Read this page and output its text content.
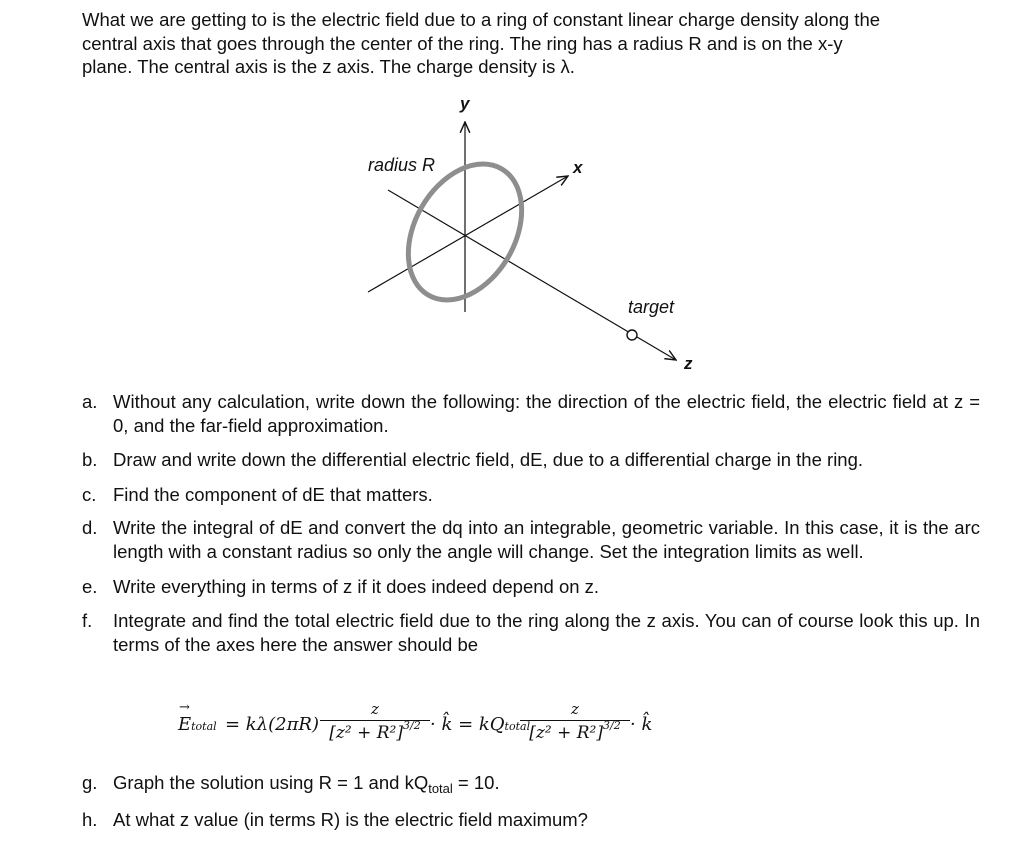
What we are getting to is the electric field due to a ring of constant linear charge density along the
central axis that goes through the center of the ring. The ring has a radius R and is on the x-y
plane. The central axis is the z axis. The charge density is λ.
y
x
z
radius R
target
a. Without any calculation, write down the following: the direction of the electric field, the electric field at z = 0, and the far-field approximation.
b. Draw and write down the differential electric field, dE, due to a differential charge in the ring.
c. Find the component of dE that matters.
d. Write the integral of dE and convert the dq into an integrable, geometric variable. In this case, it is the arc length with a constant radius so only the angle will change. Set the integration limits as well.
e. Write everything in terms of z if it does indeed depend on z.
f. Integrate and find the total electric field due to the ring along the z axis. You can of course look this up. In terms of the axes here the answer should be
→
Etotal = kλ(2πR)
z
$[z^2 + R^2]^{3/2}$ · k̂ = kQtotal
z
$[z^2 + R^2]^{3/2}$ · k̂
g. Graph the solution using R = 1 and $kQ_{total} = 10$.
h. At what z value (in terms R) is the electric field maximum?
